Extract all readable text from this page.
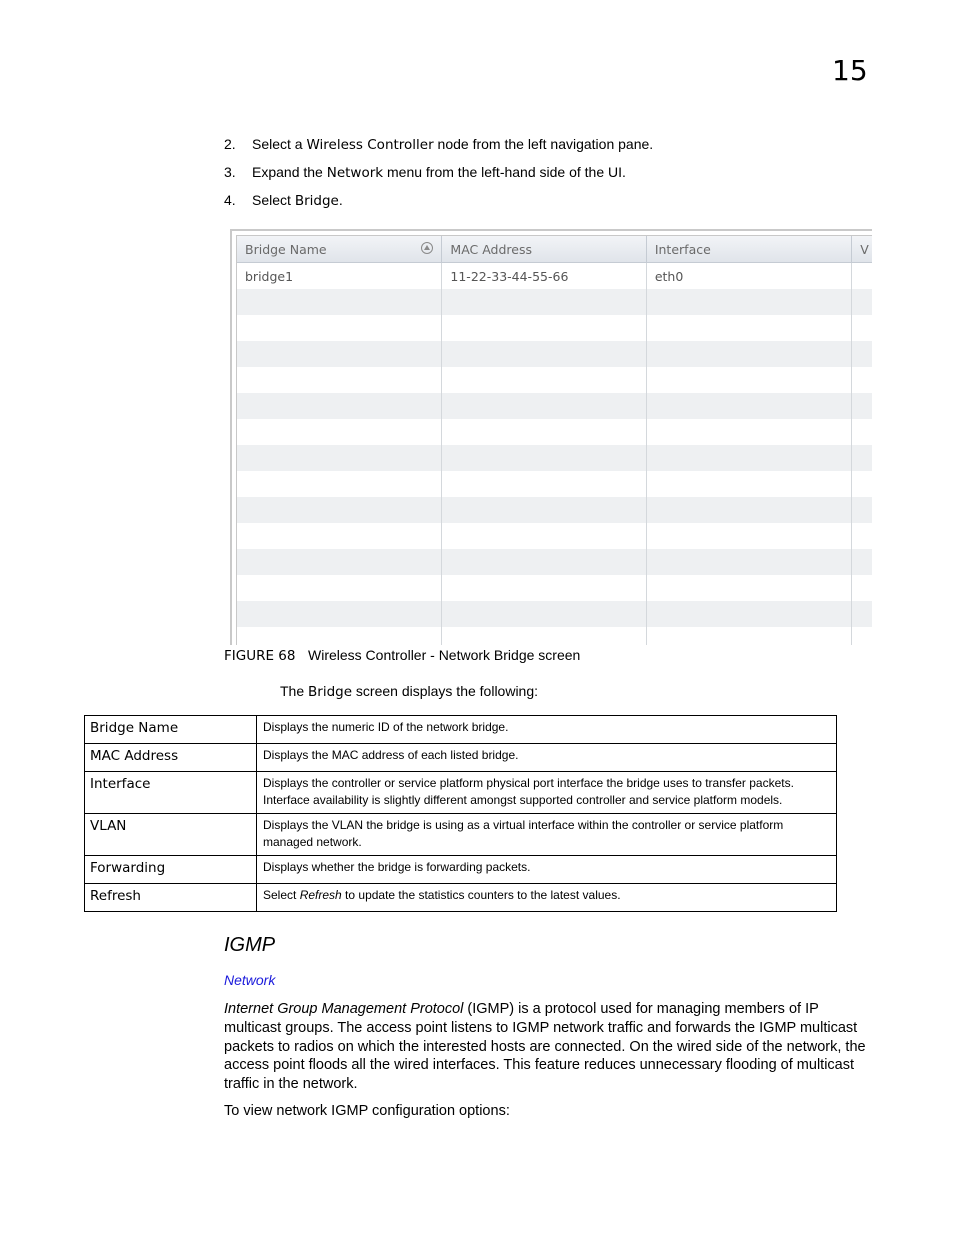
15
2. Select a Wireless Controller node from the left navigation pane.
3. Expand the Network menu from the left-hand side of the UI.
4. Select Bridge.
Bridge Name	MAC Address	Interface	V
bridge1	11-22-33-44-55-66	eth0
FIGURE 68 Wireless Controller - Network Bridge screen
The Bridge screen displays the following:
Bridge Name	Displays the numeric ID of the network bridge.
MAC Address	Displays the MAC address of each listed bridge.
Interface	Displays the controller or service platform physical port interface the bridge uses to transfer packets. Interface availability is slightly different amongst supported controller and service platform models.
VLAN	Displays the VLAN the bridge is using as a virtual interface within the controller or service platform managed network.
Forwarding	Displays whether the bridge is forwarding packets.
Refresh	Select Refresh to update the statistics counters to the latest values.
IGMP
Network

Internet Group Management Protocol (IGMP) is a protocol used for managing members of IP multicast groups. The access point listens to IGMP network traffic and forwards the IGMP multicast packets to radios on which the interested hosts are connected. On the wired side of the network, the access point floods all the wired interfaces. This feature reduces unnecessary flooding of multicast traffic in the network.

To view network IGMP configuration options:
